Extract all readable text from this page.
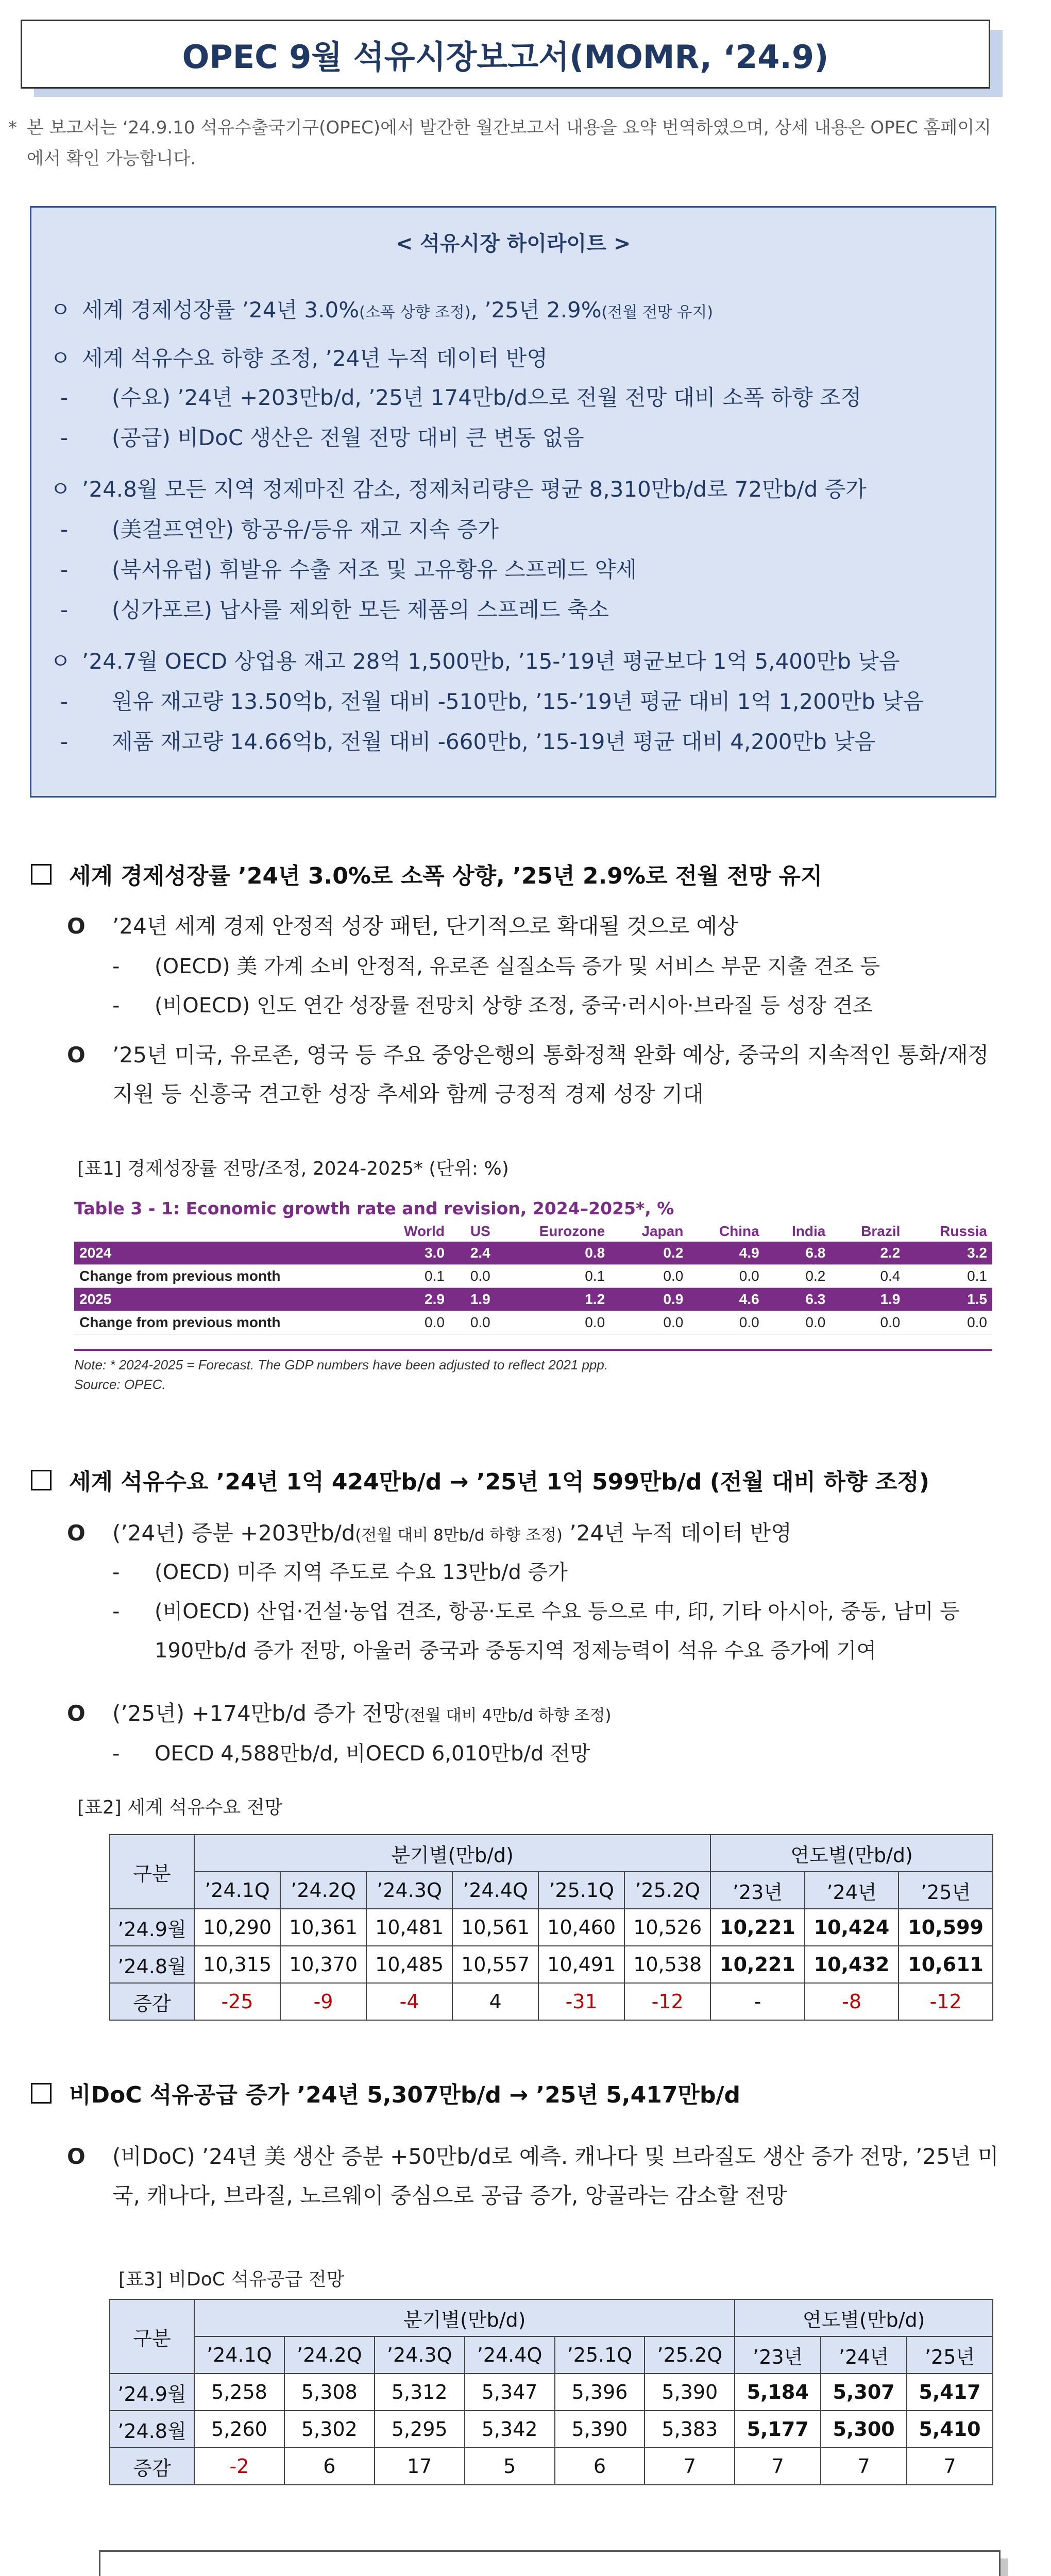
OPEC 9월 석유시장보고서(MOMR, ‘24.9)
* 본 보고서는 ‘24.9.10 석유수출국기구(OPEC)에서 발간한 월간보고서 내용을 요약 번역하였으며, 상세 내용은 OPEC 홈페이지에서 확인 가능합니다.
< 석유시장 하이라이트 >
ㅇ 세계 경제성장률 ’24년 3.0%(소폭 상향 조정), ’25년 2.9%(전월 전망 유지)
ㅇ 세계 석유수요 하향 조정, ’24년 누적 데이터 반영
- (수요) ’24년 +203만b/d, ’25년 174만b/d으로 전월 전망 대비 소폭 하향 조정
- (공급) 비DoC 생산은 전월 전망 대비 큰 변동 없음
ㅇ ’24.8월 모든 지역 정제마진 감소, 정제처리량은 평균 8,310만b/d로 72만b/d 증가
- (美걸프연안) 항공유/등유 재고 지속 증가
- (북서유럽) 휘발유 수출 저조 및 고유황유 스프레드 약세
- (싱가포르) 납사를 제외한 모든 제품의 스프레드 축소
ㅇ ’24.7월 OECD 상업용 재고 28억 1,500만b, ’15-’19년 평균보다 1억 5,400만b 낮음
- 원유 재고량 13.50억b, 전월 대비 -510만b, ’15-’19년 평균 대비 1억 1,200만b 낮음
- 제품 재고량 14.66억b, 전월 대비 -660만b, ’15-19년 평균 대비 4,200만b 낮음
세계 경제성장률 ’24년 3.0%로 소폭 상향, ’25년 2.9%로 전월 전망 유지
O ’24년 세계 경제 안정적 성장 패턴, 단기적으로 확대될 것으로 예상
- (OECD) 美 가계 소비 안정적, 유로존 실질소득 증가 및 서비스 부문 지출 견조 등
- (비OECD) 인도 연간 성장률 전망치 상향 조정, 중국·러시아·브라질 등 성장 견조
O ’25년 미국, 유로존, 영국 등 주요 중앙은행의 통화정책 완화 예상, 중국의 지속적인 통화/재정 지원 등 신흥국 견고한 성장 추세와 함께 긍정적 경제 성장 기대
[표1] 경제성장률 전망/조정, 2024-2025* (단위: %)
Table 3 - 1: Economic growth rate and revision, 2024–2025*, %
	World	US	Eurozone	Japan	China	India	Brazil	Russia
2024	3.0	2.4	0.8	0.2	4.9	6.8	2.2	3.2
Change from previous month	0.1	0.0	0.1	0.0	0.0	0.2	0.4	0.1
2025	2.9	1.9	1.2	0.9	4.6	6.3	1.9	1.5
Change from previous month	0.0	0.0	0.0	0.0	0.0	0.0	0.0	0.0
Note: * 2024-2025 = Forecast. The GDP numbers have been adjusted to reflect 2021 ppp.
Source: OPEC.
세계 석유수요 ’24년 1억 424만b/d → ’25년 1억 599만b/d (전월 대비 하향 조정)
O (’24년) 증분 +203만b/d(전월 대비 8만b/d 하향 조정) ’24년 누적 데이터 반영
- (OECD) 미주 지역 주도로 수요 13만b/d 증가
- (비OECD) 산업·건설·농업 견조, 항공·도로 수요 등으로 中, 印, 기타 아시아, 중동, 남미 등 190만b/d 증가 전망, 아울러 중국과 중동지역 정제능력이 석유 수요 증가에 기여
O (’25년) +174만b/d 증가 전망(전월 대비 4만b/d 하향 조정)
- OECD 4,588만b/d, 비OECD 6,010만b/d 전망
[표2] 세계 석유수요 전망
구분	분기별(만b/d)						연도별(만b/d)		
	’24.1Q	’24.2Q	’24.3Q	’24.4Q	’25.1Q	’25.2Q	’23년	’24년	’25년
’24.9월	10,290	10,361	10,481	10,561	10,460	10,526	10,221	10,424	10,599
’24.8월	10,315	10,370	10,485	10,557	10,491	10,538	10,221	10,432	10,611
증감	-25	-9	-4	4	-31	-12	-	-8	-12
비DoC 석유공급 증가 ’24년 5,307만b/d → ’25년 5,417만b/d
O (비DoC) ’24년 美 생산 증분 +50만b/d로 예측. 캐나다 및 브라질도 생산 증가 전망, ’25년 미국, 캐나다, 브라질, 노르웨이 중심으로 공급 증가, 앙골라는 감소할 전망
[표3] 비DoC 석유공급 전망
구분	분기별(만b/d)						연도별(만b/d)		
	’24.1Q	’24.2Q	’24.3Q	’24.4Q	’25.1Q	’25.2Q	’23년	’24년	’25년
’24.9월	5,258	5,308	5,312	5,347	5,396	5,390	5,184	5,307	5,417
’24.8월	5,260	5,302	5,295	5,342	5,390	5,383	5,177	5,300	5,410
증감	-2	6	17	5	6	7	7	7	7
